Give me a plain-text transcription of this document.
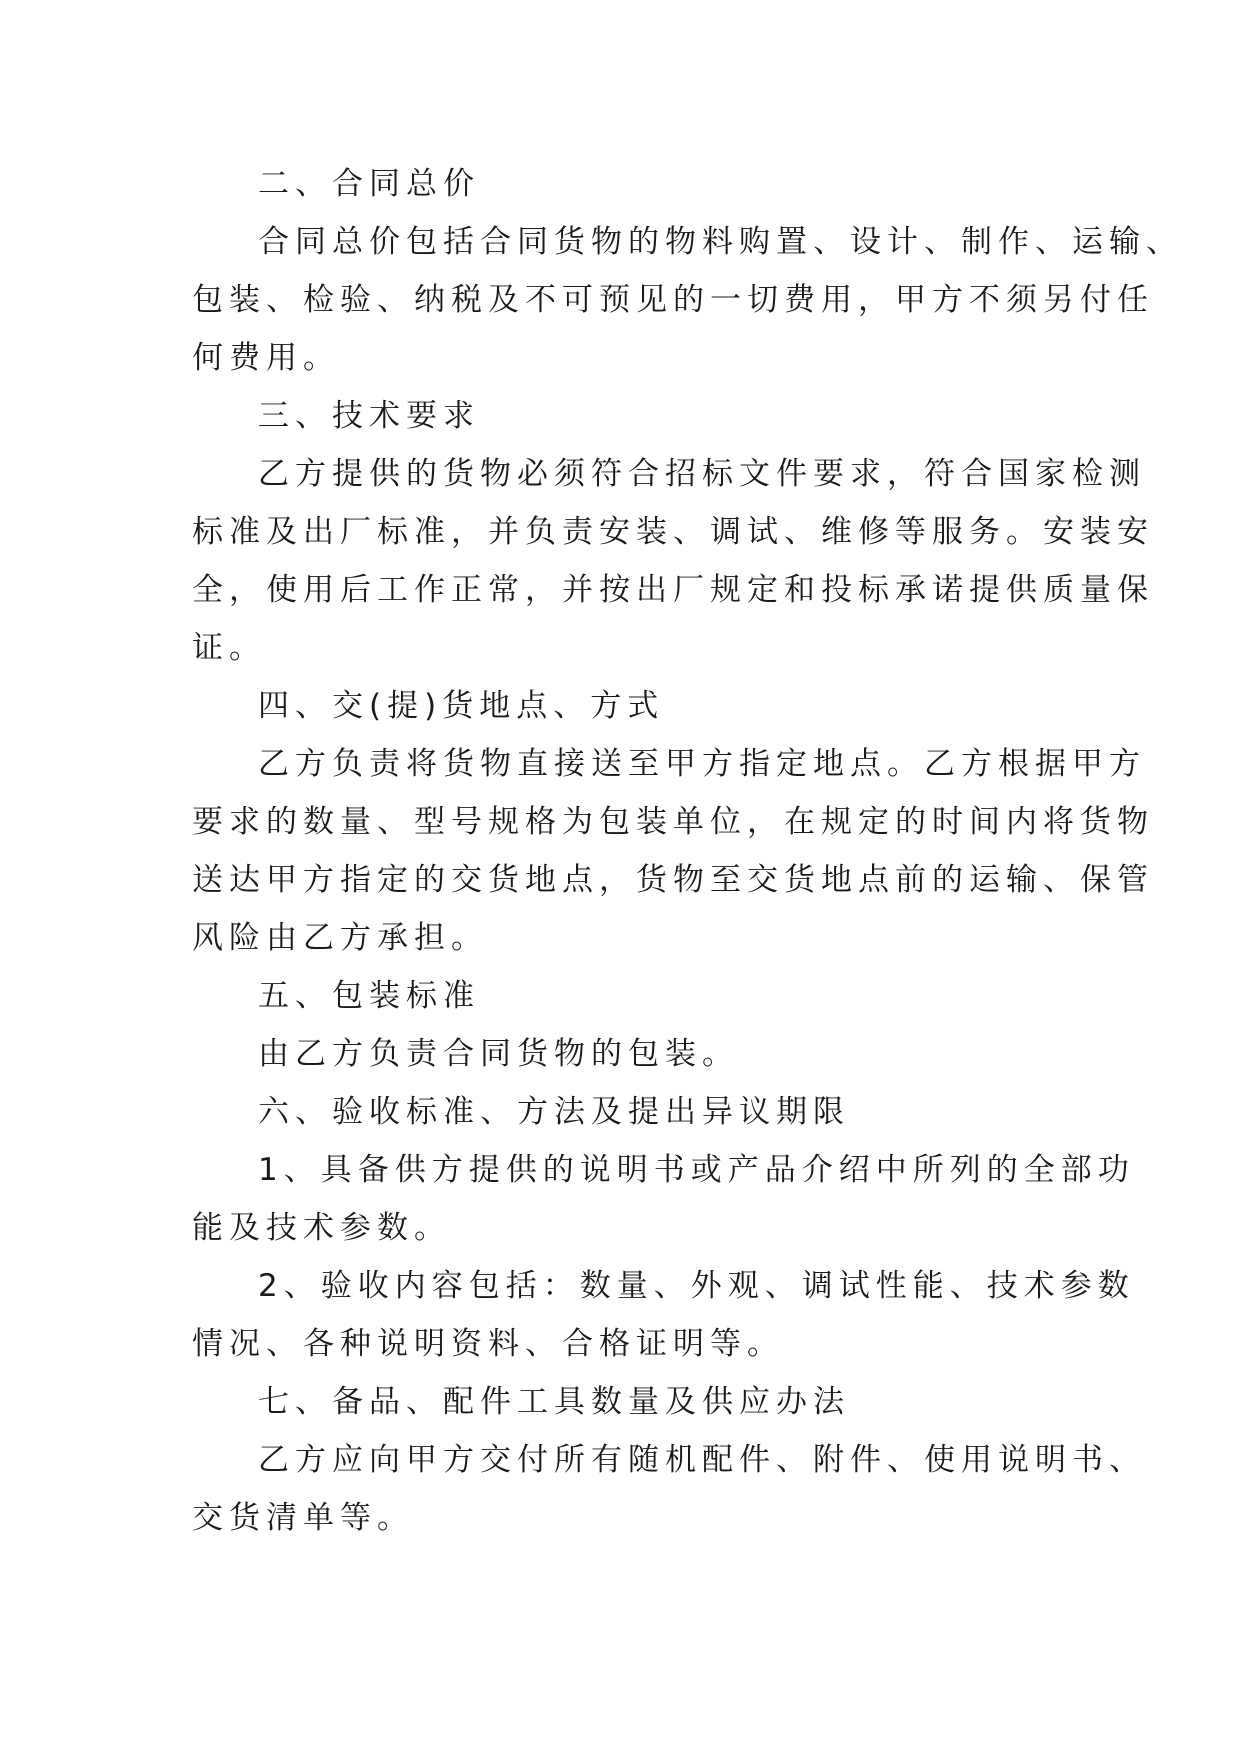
二、合同总价

合同总价包括合同货物的物料购置、设计、制作、运输、

包装、检验、纳税及不可预见的一切费用，甲方不须另付任

何费用。

三、技术要求

乙方提供的货物必须符合招标文件要求，符合国家检测

标准及出厂标准，并负责安装、调试、维修等服务。安装安

全，使用后工作正常，并按出厂规定和投标承诺提供质量保

证。

四、交(提)货地点、方式

乙方负责将货物直接送至甲方指定地点。乙方根据甲方

要求的数量、型号规格为包装单位，在规定的时间内将货物

送达甲方指定的交货地点，货物至交货地点前的运输、保管

风险由乙方承担。

五、包装标准

由乙方负责合同货物的包装。

六、验收标准、方法及提出异议期限

1、具备供方提供的说明书或产品介绍中所列的全部功

能及技术参数。

2、验收内容包括：数量、外观、调试性能、技术参数

情况、各种说明资料、合格证明等。

七、备品、配件工具数量及供应办法

乙方应向甲方交付所有随机配件、附件、使用说明书、

交货清单等。
